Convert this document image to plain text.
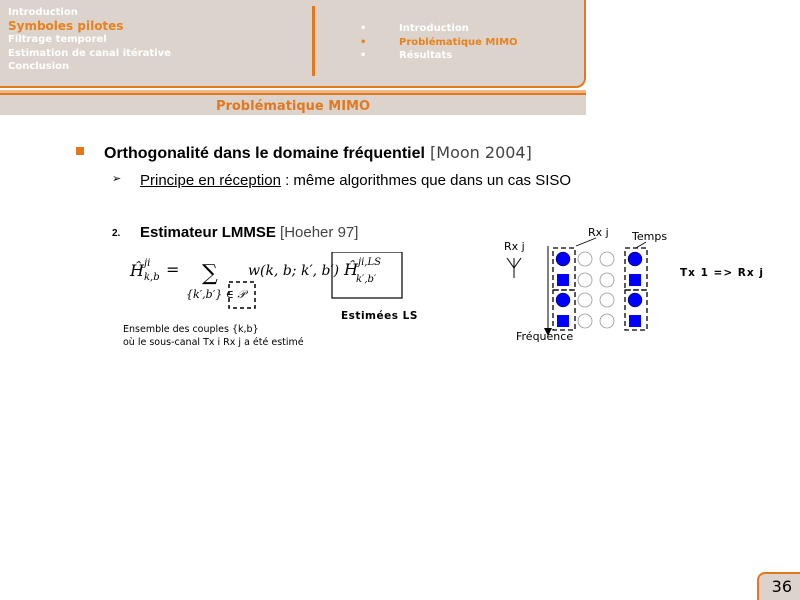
Introduction
Symboles pilotes
Filtrage temporel
Estimation de canal itérative
Conclusion
•	Introduction
•	Problématique MIMO
•	Résultats
Problématique MIMO
Orthogonalité dans le domaine fréquentiel [Moon 2004]
➢ Principe en réception : même algorithmes que dans un cas SISO
2. Estimateur LMMSE [Hoeher 97]
Ĥ ji
k,b = ∑
{k′,b′} ∈ 𝒫
w(k, b; k′, b′) Ĥ ji,LS
k′,b′
Ensemble des couples {k,b}
où le sous-canal Tx i Rx j a été estimé
Estimées LS
Rx j
Rx j Temps
Fréquence
Tx 1 => Rx j
36
